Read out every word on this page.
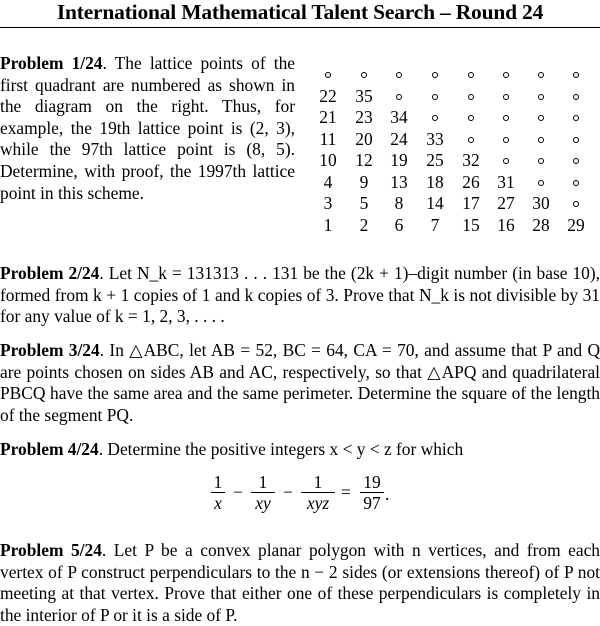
International Mathematical Talent Search – Round 24
Problem 1/24. The lattice points of the first quadrant are numbered as shown in the diagram on the right. Thus, for example, the 19th lattice point is (2, 3), while the 97th lattice point is (8, 5). Determine, with proof, the 1997th lattice point in this scheme.
22	35
21	23	34
11	20	24	33
10	12	19	25	32
4	9	13	18	26	31
3	5	8	14	17	27	30
1	2	6	7	15	16	28	29
Problem 2/24. Let N_k = 131313 . . . 131 be the (2k + 1)–digit number (in base 10), formed from k + 1 copies of 1 and k copies of 3. Prove that N_k is not divisible by 31 for any value of k = 1, 2, 3, . . . .
Problem 3/24. In △ABC, let AB = 52, BC = 64, CA = 70, and assume that P and Q are points chosen on sides AB and AC, respectively, so that △APQ and quadrilateral PBCQ have the same area and the same perimeter. Determine the square of the length of the segment PQ.
Problem 4/24. Determine the positive integers x < y < z for which
$\frac{1}{x} - \frac{1}{xy}$ −	1
xyz
= $\frac{19}{97}$ .
Problem 5/24. Let P be a convex planar polygon with n vertices, and from each vertex of P construct perpendiculars to the n − 2 sides (or extensions thereof) of P not meeting at that vertex. Prove that either one of these perpendiculars is completely in the interior of P or it is a side of P.
